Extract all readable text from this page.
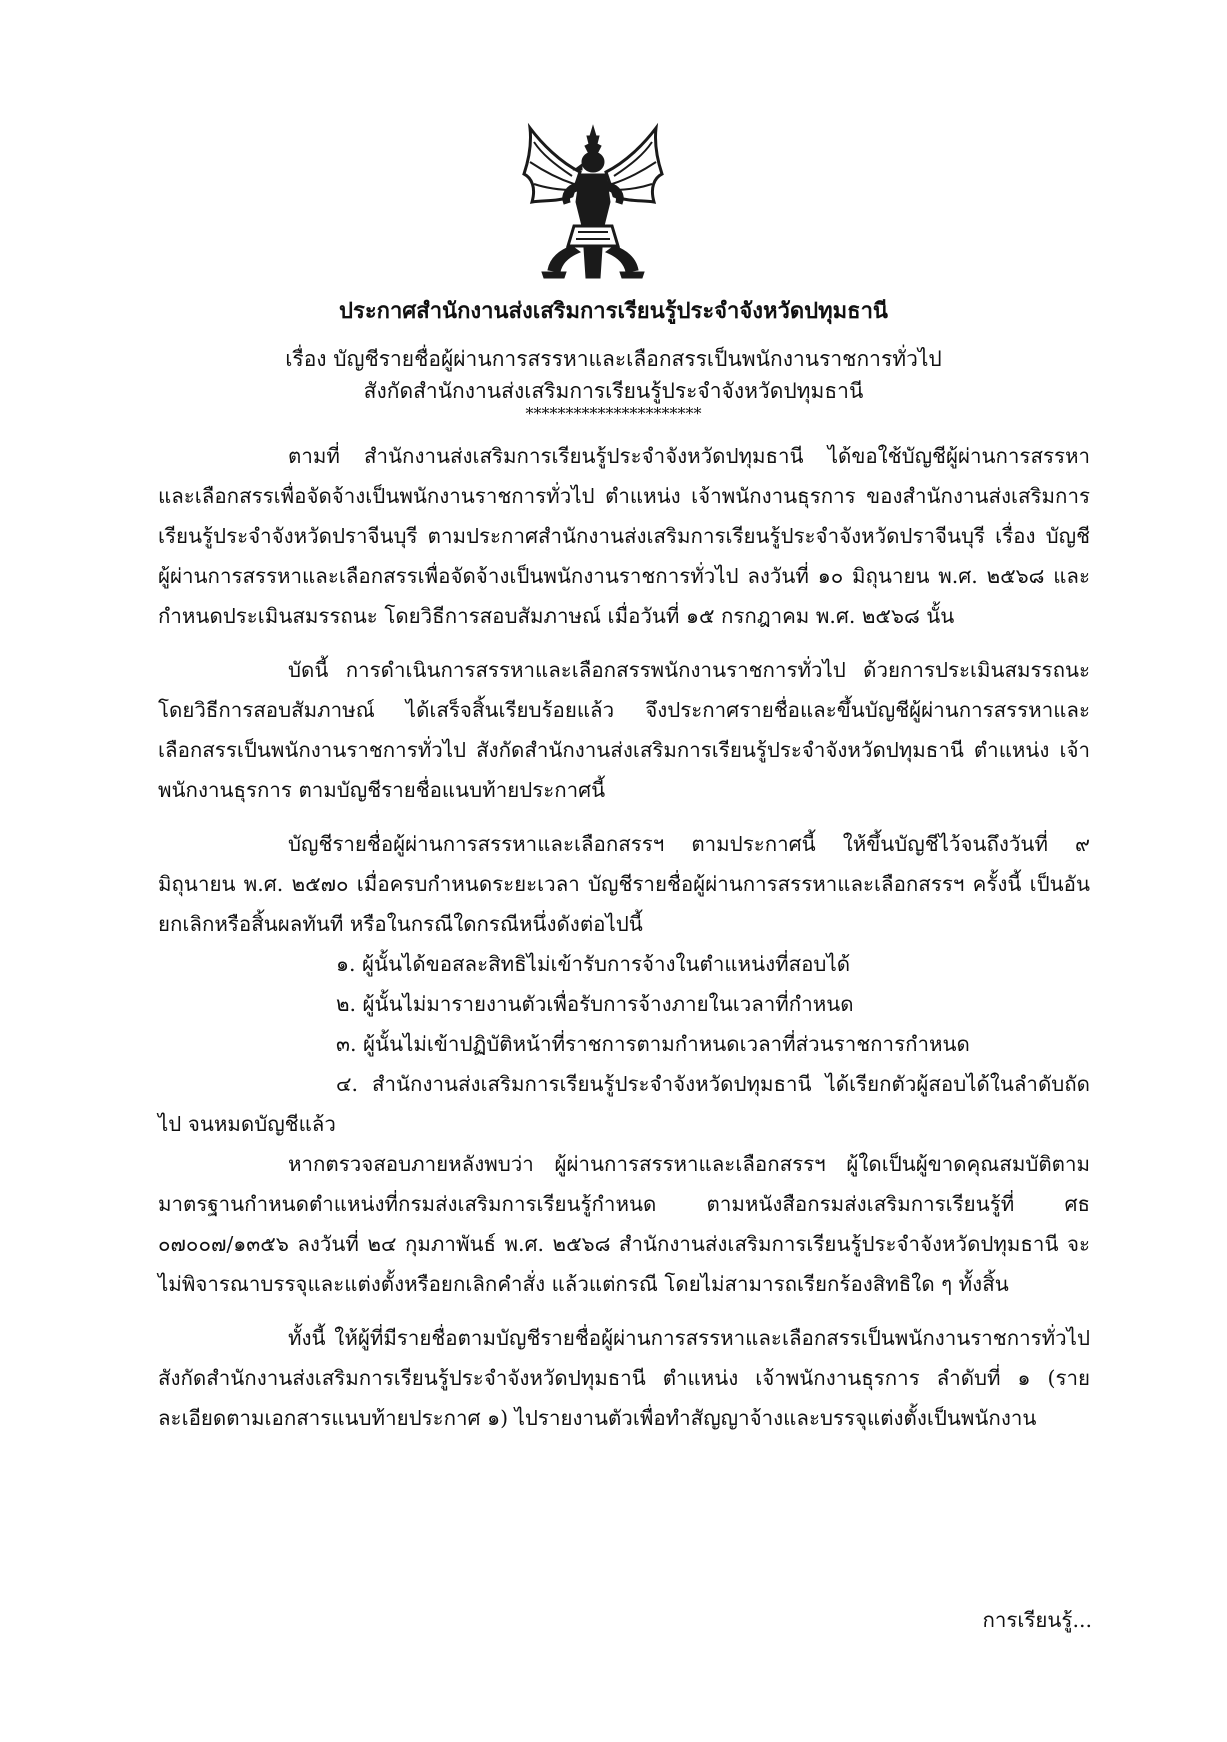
ประกาศสำนักงานส่งเสริมการเรียนรู้ประจำจังหวัดปทุมธานี
เรื่อง บัญชีรายชื่อผู้ผ่านการสรรหาและเลือกสรรเป็นพนักงานราชการทั่วไป
สังกัดสำนักงานส่งเสริมการเรียนรู้ประจำจังหวัดปทุมธานี
**********************

ตามที่ สำนักงานส่งเสริมการเรียนรู้ประจำจังหวัดปทุมธานี ได้ขอใช้บัญชีผู้ผ่านการสรรหาและเลือกสรรเพื่อจัดจ้างเป็นพนักงานราชการทั่วไป ตำแหน่ง เจ้าพนักงานธุรการ ของสำนักงานส่งเสริมการเรียนรู้ประจำจังหวัดปราจีนบุรี ตามประกาศสำนักงานส่งเสริมการเรียนรู้ประจำจังหวัดปราจีนบุรี เรื่อง บัญชีผู้ผ่านการสรรหาและเลือกสรรเพื่อจัดจ้างเป็นพนักงานราชการทั่วไป ลงวันที่ ๑๐ มิถุนายน พ.ศ. ๒๕๖๘ และกำหนดประเมินสมรรถนะ โดยวิธีการสอบสัมภาษณ์ เมื่อวันที่ ๑๕ กรกฎาคม พ.ศ. ๒๕๖๘ นั้น

บัดนี้ การดำเนินการสรรหาและเลือกสรรพนักงานราชการทั่วไป ด้วยการประเมินสมรรถนะ โดยวิธีการสอบสัมภาษณ์ ได้เสร็จสิ้นเรียบร้อยแล้ว จึงประกาศรายชื่อและขึ้นบัญชีผู้ผ่านการสรรหาและเลือกสรรเป็นพนักงานราชการทั่วไป สังกัดสำนักงานส่งเสริมการเรียนรู้ประจำจังหวัดปทุมธานี ตำแหน่ง เจ้าพนักงานธุรการ ตามบัญชีรายชื่อแนบท้ายประกาศนี้

บัญชีรายชื่อผู้ผ่านการสรรหาและเลือกสรรฯ ตามประกาศนี้ ให้ขึ้นบัญชีไว้จนถึงวันที่ ๙ มิถุนายน พ.ศ. ๒๕๗๐ เมื่อครบกำหนดระยะเวลา บัญชีรายชื่อผู้ผ่านการสรรหาและเลือกสรรฯ ครั้งนี้ เป็นอันยกเลิกหรือสิ้นผลทันที หรือในกรณีใดกรณีหนึ่งดังต่อไปนี้

๑. ผู้นั้นได้ขอสละสิทธิไม่เข้ารับการจ้างในตำแหน่งที่สอบได้

๒. ผู้นั้นไม่มารายงานตัวเพื่อรับการจ้างภายในเวลาที่กำหนด

๓. ผู้นั้นไม่เข้าปฏิบัติหน้าที่ราชการตามกำหนดเวลาที่ส่วนราชการกำหนด

๔. สำนักงานส่งเสริมการเรียนรู้ประจำจังหวัดปทุมธานี ได้เรียกตัวผู้สอบได้ในลำดับถัดไป จนหมดบัญชีแล้ว

หากตรวจสอบภายหลังพบว่า ผู้ผ่านการสรรหาและเลือกสรรฯ ผู้ใดเป็นผู้ขาดคุณสมบัติตามมาตรฐานกำหนดตำแหน่งที่กรมส่งเสริมการเรียนรู้กำหนด ตามหนังสือกรมส่งเสริมการเรียนรู้ที่ ศธ ๐๗๐๐๗/๑๓๕๖ ลงวันที่ ๒๔ กุมภาพันธ์ พ.ศ. ๒๕๖๘ สำนักงานส่งเสริมการเรียนรู้ประจำจังหวัดปทุมธานี จะไม่พิจารณาบรรจุและแต่งตั้งหรือยกเลิกคำสั่ง แล้วแต่กรณี โดยไม่สามารถเรียกร้องสิทธิใด ๆ ทั้งสิ้น

ทั้งนี้ ให้ผู้ที่มีรายชื่อตามบัญชีรายชื่อผู้ผ่านการสรรหาและเลือกสรรเป็นพนักงานราชการทั่วไป สังกัดสำนักงานส่งเสริมการเรียนรู้ประจำจังหวัดปทุมธานี ตำแหน่ง เจ้าพนักงานธุรการ ลำดับที่ ๑ (รายละเอียดตามเอกสารแนบท้ายประกาศ ๑) ไปรายงานตัวเพื่อทำสัญญาจ้างและบรรจุแต่งตั้งเป็นพนักงาน

การเรียนรู้...
